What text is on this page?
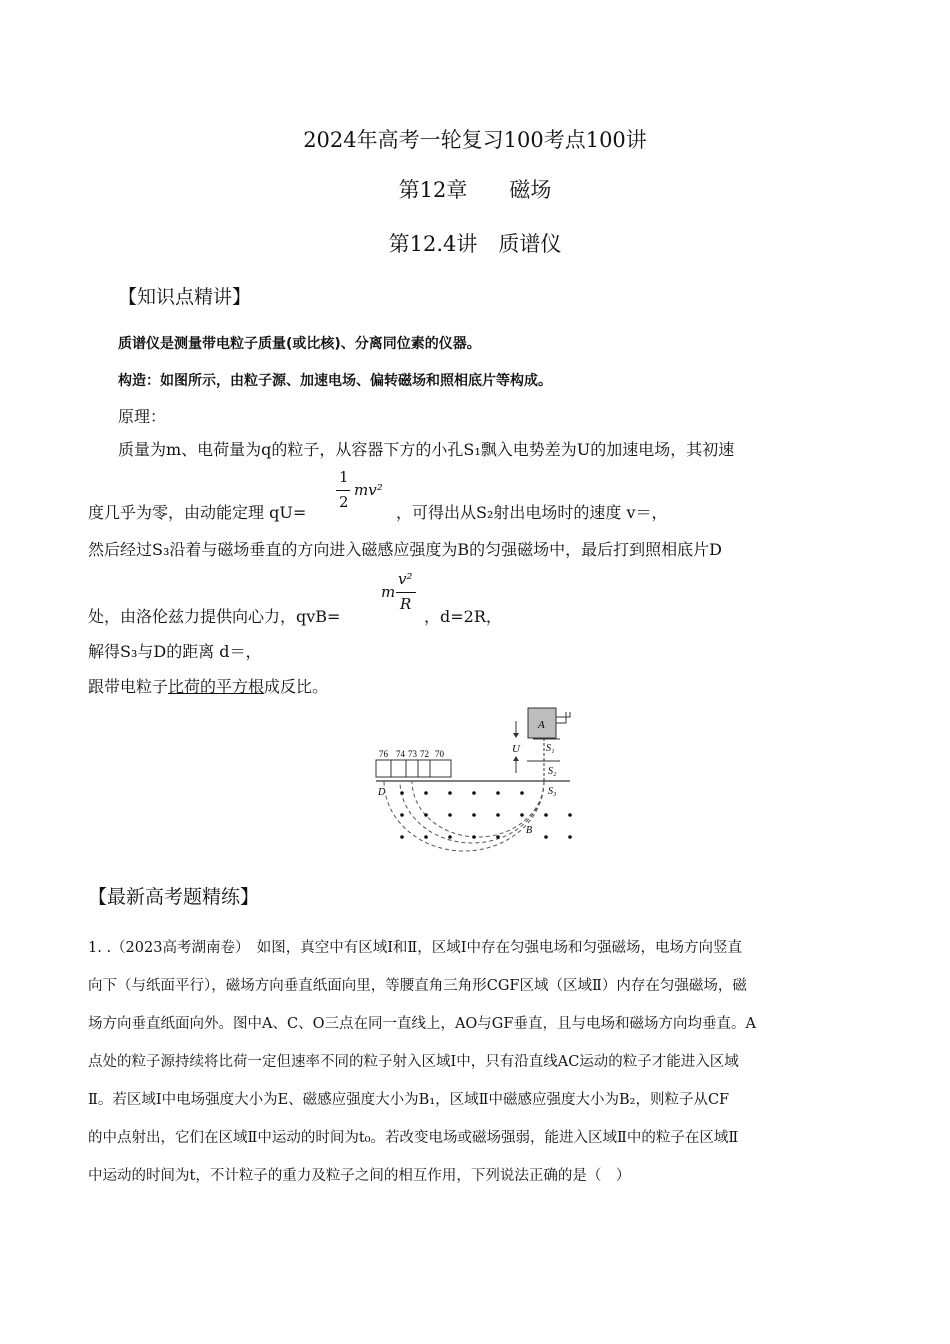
2024年高考一轮复习100考点100讲
第12章　　磁场
第12.4讲　质谱仪
【知识点精讲】
质谱仪是测量带电粒子质量(或比核)、分离同位素的仪器。
构造：如图所示，由粒子源、加速电场、偏转磁场和照相底片等构成。
原理：
质量为m、电荷量为q的粒子，从容器下方的小孔S₁飘入电势差为U的加速电场，其初速
度几乎为零，由动能定理 qU=
1
2
mv²
，可得出从S₂射出电场时的速度 v＝，
然后经过S₃沿着与磁场垂直的方向进入磁感应强度为B的匀强磁场中，最后打到照相底片D
处，由洛伦兹力提供向心力，qvB=
m
v²
R
，d=2R，
解得S₃与D的距离 d＝，
跟带电粒子比荷的平方根成反比。
A
U	S₁
S₂
S₃
76 74 73 72 70
D
B
【最新高考题精练】
1. .（2023高考湖南卷）　如图，真空中有区域Ⅰ和Ⅱ，区域Ⅰ中存在匀强电场和匀强磁场，电场方向竖直
向下（与纸面平行），磁场方向垂直纸面向里，等腰直角三角形CGF区域（区域Ⅱ）内存在匀强磁场，磁
场方向垂直纸面向外。图中A、C、O三点在同一直线上，AO与GF垂直，且与电场和磁场方向均垂直。A
点处的粒子源持续将比荷一定但速率不同的粒子射入区域Ⅰ中，只有沿直线AC运动的粒子才能进入区域
Ⅱ。若区域Ⅰ中电场强度大小为E、磁感应强度大小为B₁，区域Ⅱ中磁感应强度大小为B₂，则粒子从CF
的中点射出，它们在区域Ⅱ中运动的时间为t₀。若改变电场或磁场强弱，能进入区域Ⅱ中的粒子在区域Ⅱ
中运动的时间为t，不计粒子的重力及粒子之间的相互作用，下列说法正确的是（　）
